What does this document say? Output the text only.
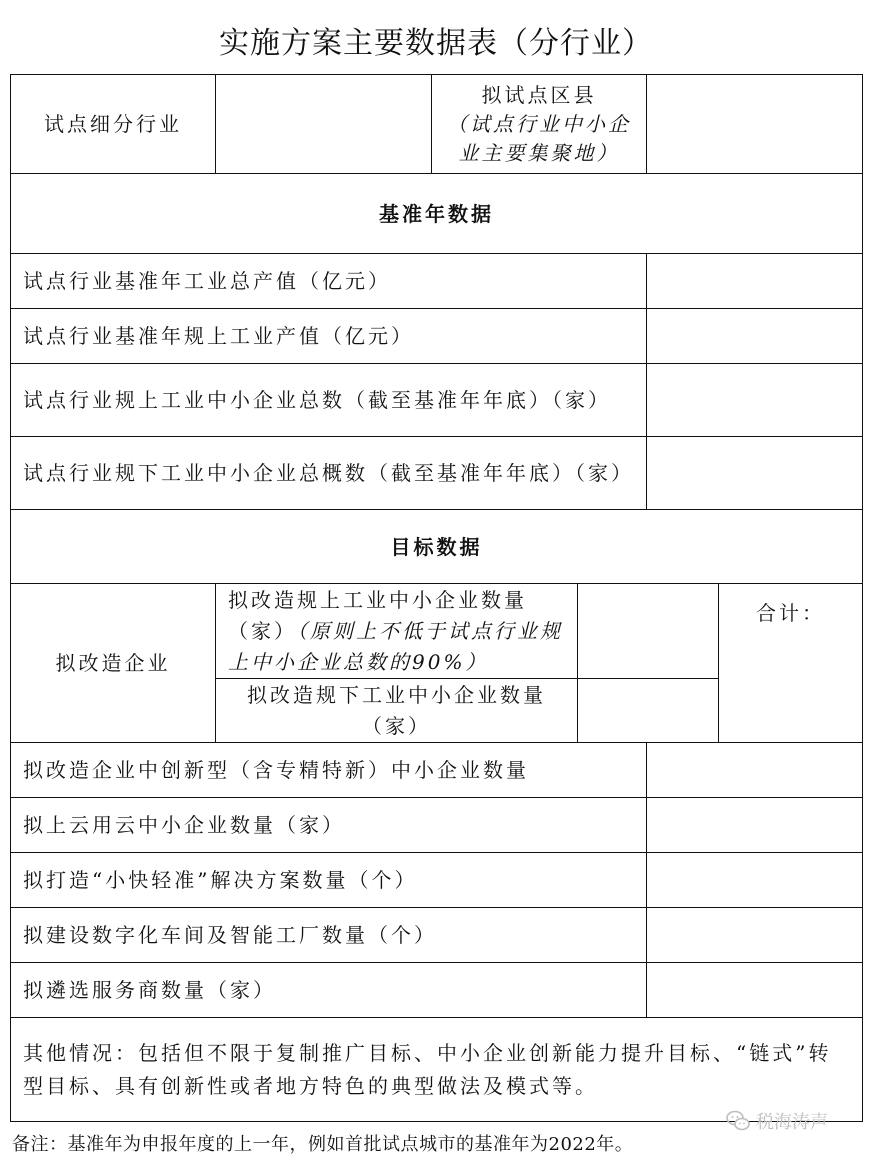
实施方案主要数据表（分行业）
试点细分行业		拟试点区县
（试点行业中小企业主要集聚地）			

基准年数据					
试点行业基准年工业总产值（亿元）					
试点行业基准年规上工业产值（亿元）					
试点行业规上工业中小企业总数（截至基准年年底）（家）					
试点行业规下工业中小企业总概数（截至基准年年底）（家）					
目标数据					
拟改造企业	拟改造规上工业中小企业数量（家）（原则上不低于试点行业规上中小企业总数的90%）				合计：
	拟改造规下工业中小企业数量（家）				
拟改造企业中创新型（含专精特新）中小企业数量					
拟上云用云中小企业数量（家）					
拟打造“小快轻准”解决方案数量（个）					
拟建设数字化车间及智能工厂数量（个）					
拟遴选服务商数量（家）					
其他情况：包括但不限于复制推广目标、中小企业创新能力提升目标、“链式”转型目标、具有创新性或者地方特色的典型做法及模式等。					
税海涛声
备注：基准年为申报年度的上一年，例如首批试点城市的基准年为2022年。
